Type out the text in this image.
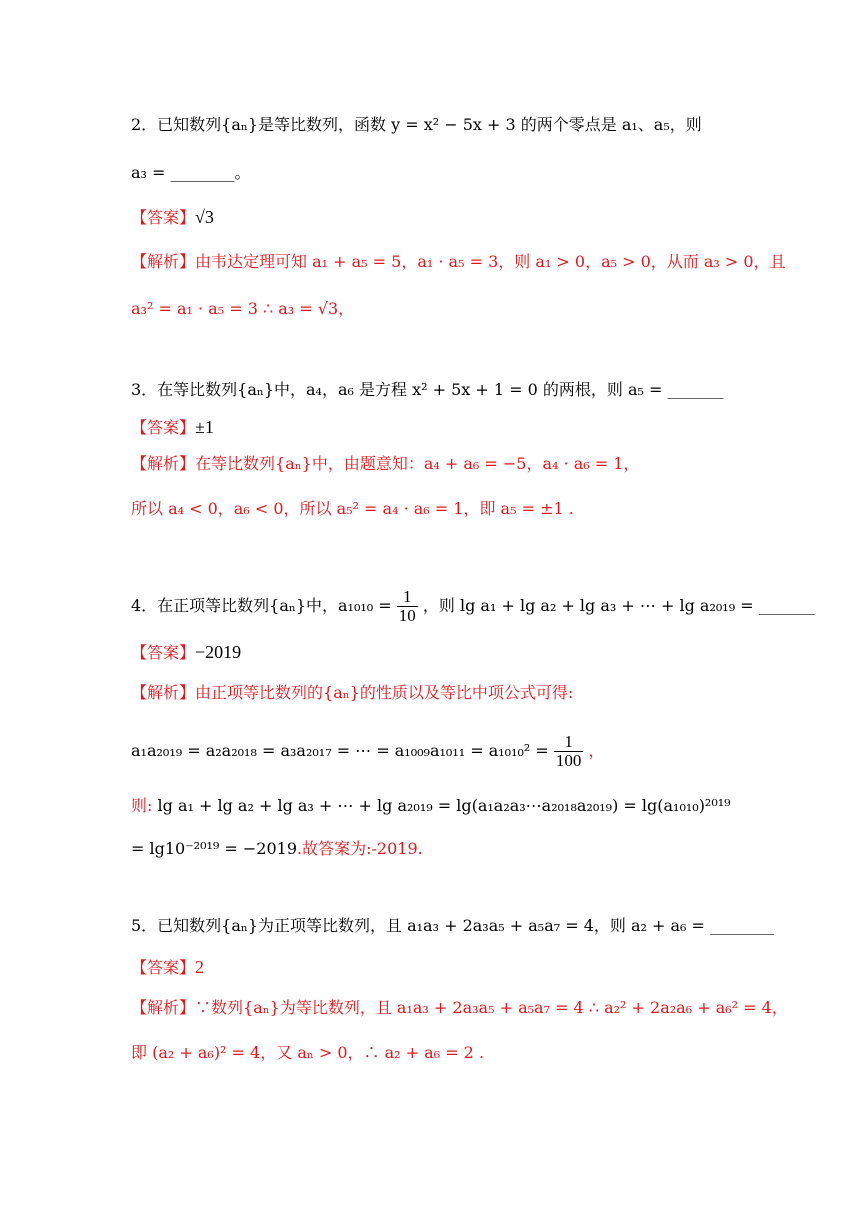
2．已知数列{aₙ}是等比数列，函数 y = x² − 5x + 3 的两个零点是 a₁、a₅，则
a₃ = ________。
【答案】√3
【解析】由韦达定理可知 a₁ + a₅ = 5，a₁ · a₅ = 3，则 a₁ > 0，a₅ > 0，从而 a₃ > 0，且
a₃² = a₁ · a₅ = 3 ∴ a₃ = √3，
3．在等比数列{aₙ}中，a₄，a₆ 是方程 x² + 5x + 1 = 0 的两根，则 a₅ = _______
【答案】±1
【解析】在等比数列{aₙ}中，由题意知：a₄ + a₆ = −5，a₄ · a₆ = 1，
所以 a₄ < 0，a₆ < 0，所以 a₅² = a₄ · a₆ = 1，即 a₅ = ±1 .
4．在正项等比数列{aₙ}中，$a_{1010} = \frac{1}{10}$ ，则 lg a₁ + lg a₂ + lg a₃ + ⋯ + lg a₂₀₁₉ = _______
【答案】−2019
【解析】由正项等比数列的{aₙ}的性质以及等比中项公式可得:
a₁a₂₀₁₉ = a₂a₂₀₁₈ = a₃a₂₀₁₇ = ⋯ = $a_{1009}a_{1011} = a_{1010}^2 = \frac{1}{100}$ ，
则: lg a₁ + lg a₂ + lg a₃ + ⋯ + lg a₂₀₁₉ = lg(a₁a₂a₃⋯a₂₀₁₈a₂₀₁₉) = lg(a₁₀₁₀)²⁰¹⁹
= lg10⁻²⁰¹⁹ = −2019.故答案为:-2019.
5．已知数列{aₙ}为正项等比数列，且 a₁a₃ + 2a₃a₅ + a₅a₇ = 4，则 a₂ + a₆ = ________
【答案】2
【解析】∵数列{aₙ}为等比数列，且 a₁a₃ + 2a₃a₅ + a₅a₇ = 4 ∴ a₂² + 2a₂a₆ + a₆² = 4，
即 (a₂ + a₆)² = 4，又 aₙ > 0，∴ a₂ + a₆ = 2 .
